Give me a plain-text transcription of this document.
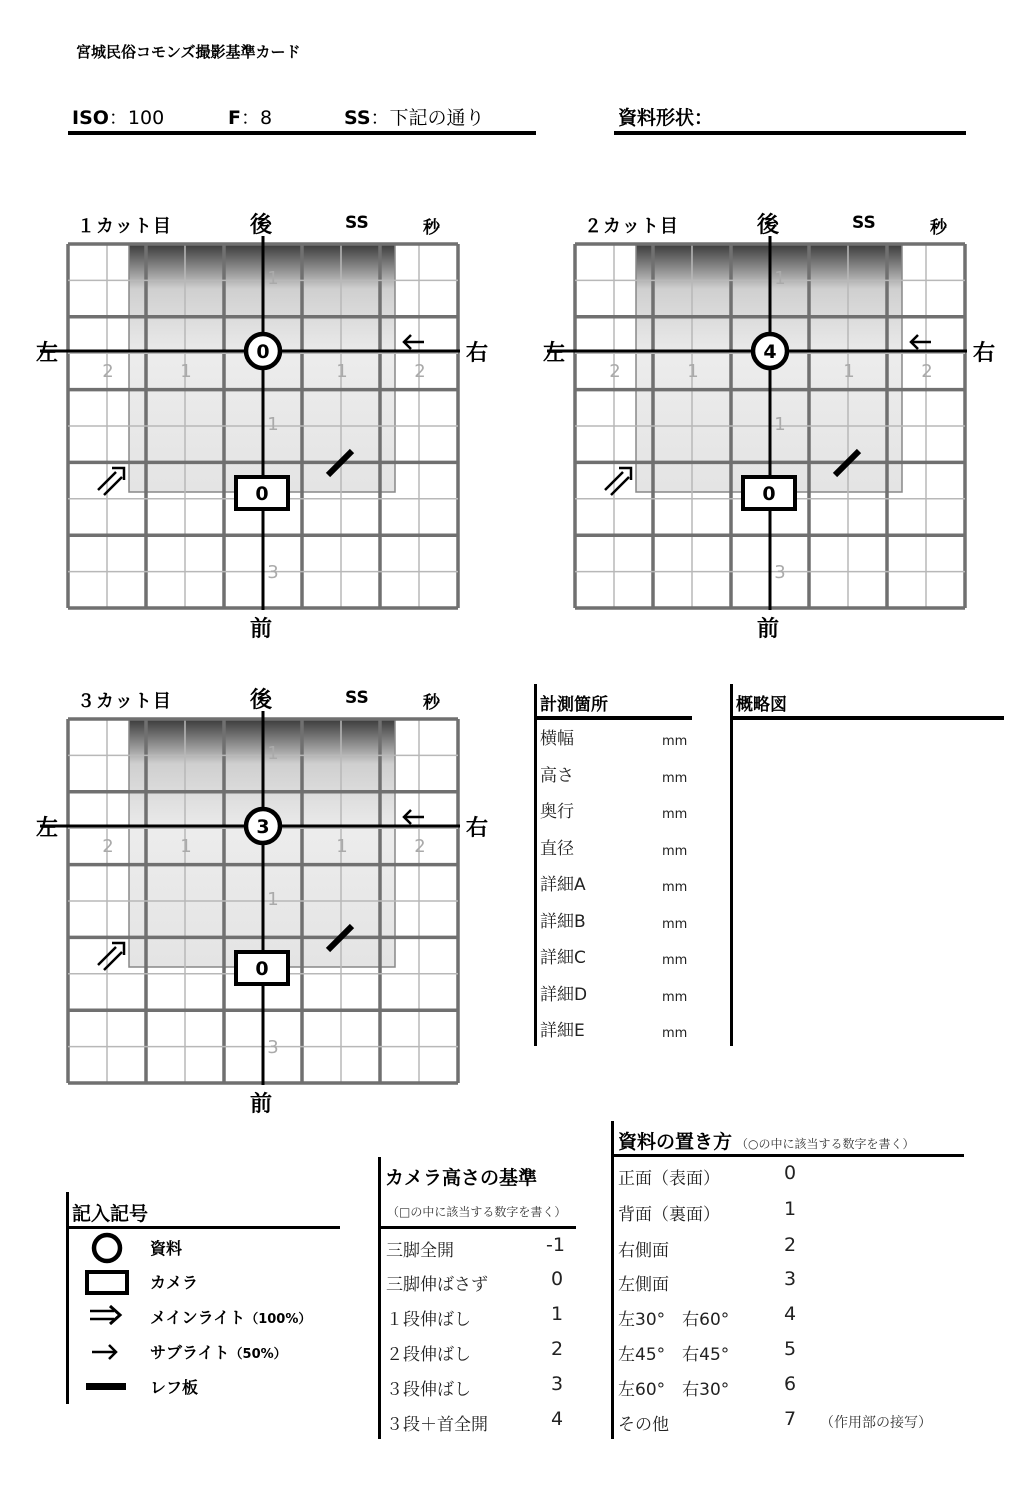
宮城民俗コモンズ撮影基準カード
ISO：100	F：8	SS：下記の通り	資料形状：
１カット目	後	SS	秒
左	右
前
1
2	1	1	2
1
3
0
0
２カット目	後	SS	秒
左	右
前
1
2	1	1	2
1
3
4
0
３カット目	後	SS	秒
左	右
前
1
2	1	1	2
1
3
3
0
計測箇所
横幅	mm
高さ	mm
奥行	mm
直径	mm
詳細A	mm
詳細B	mm
詳細C	mm
詳細D	mm
詳細E	mm
概略図
記入記号
資料
カメラ
メインライト（100%）
サブライト（50%）
レフ板
カメラ高さの基準
（□の中に該当する数字を書く）
三脚全開	-1
三脚伸ばさず	0
１段伸ばし	1
２段伸ばし	2
３段伸ばし	3
３段＋首全開	4
資料の置き方 （○の中に該当する数字を書く）
正面（表面）	0
背面（裏面）	1
右側面	2
左側面	3
左30°　右60°	4
左45°　右45°	5
左60°　右30°	6
その他	7 （作用部の接写）
